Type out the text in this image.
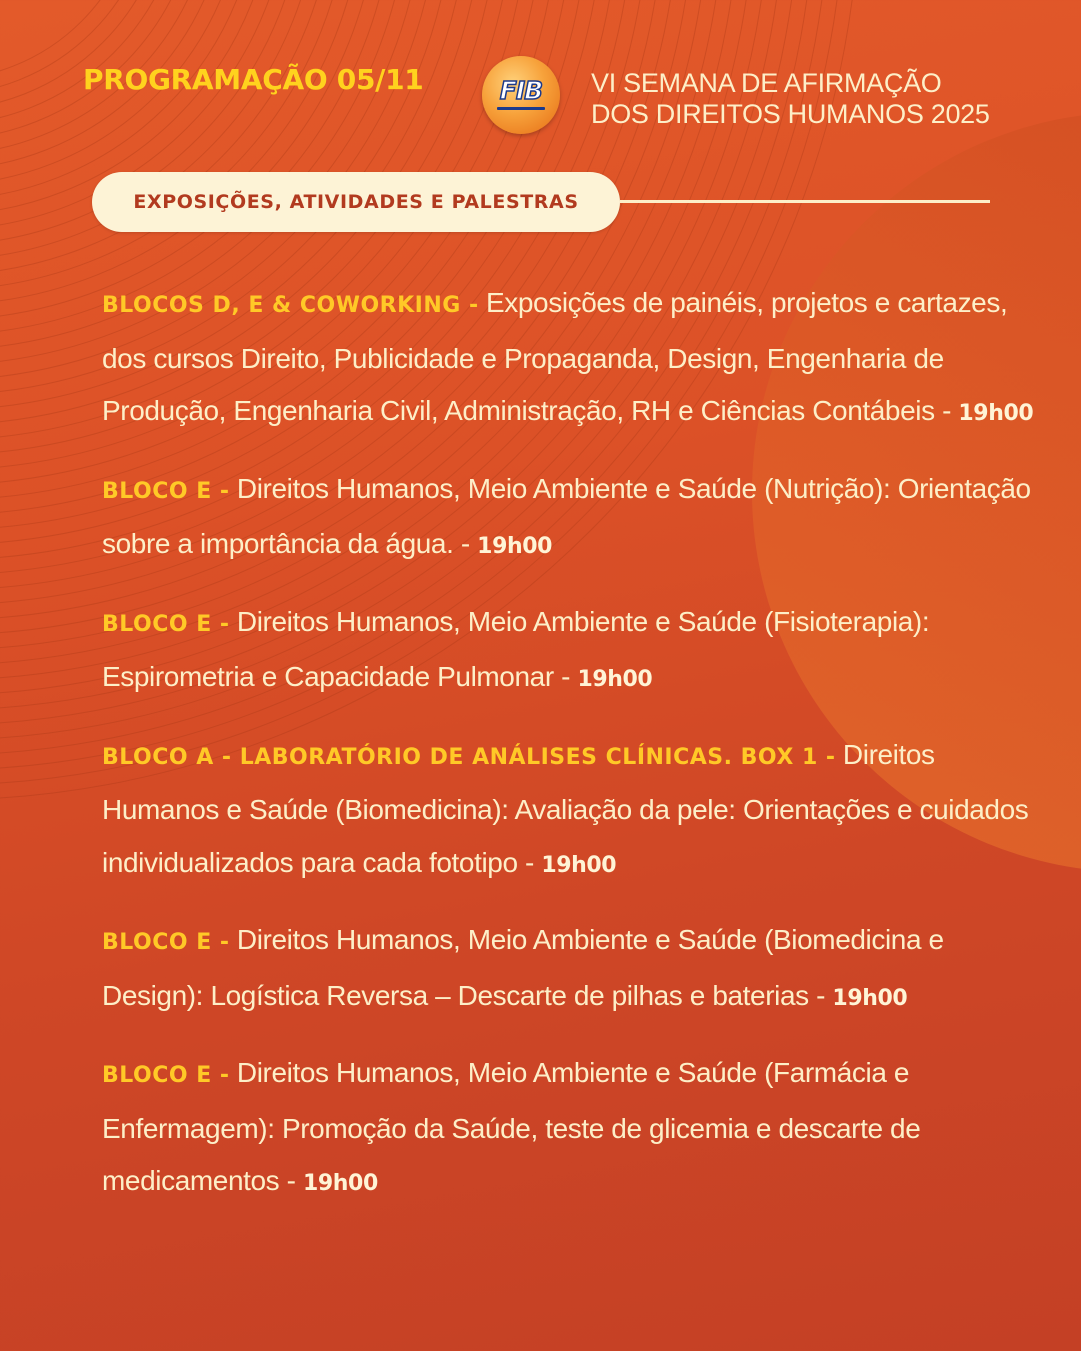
PROGRAMAÇÃO 05/11	FIB VI SEMANA DE AFIRMAÇÃO
DOS DIREITOS HUMANOS 2025
EXPOSIÇÕES, ATIVIDADES E PALESTRAS

BLOCOS D, E & COWORKING - Exposições de painéis, projetos e cartazes, dos cursos Direito, Publicidade e Propaganda, Design, Engenharia de Produção, Engenharia Civil, Administração, RH e Ciências Contábeis - 19h00

BLOCO E - Direitos Humanos, Meio Ambiente e Saúde (Nutrição): Orientação sobre a importância da água. - 19h00

BLOCO E - Direitos Humanos, Meio Ambiente e Saúde (Fisioterapia): Espirometria e Capacidade Pulmonar - 19h00

BLOCO A - LABORATÓRIO DE ANÁLISES CLÍNICAS. BOX 1 - Direitos Humanos e Saúde (Biomedicina): Avaliação da pele: Orientações e cuidados individualizados para cada fototipo - 19h00

BLOCO E - Direitos Humanos, Meio Ambiente e Saúde (Biomedicina e Design): Logística Reversa – Descarte de pilhas e baterias - 19h00

BLOCO E - Direitos Humanos, Meio Ambiente e Saúde (Farmácia e Enfermagem): Promoção da Saúde, teste de glicemia e descarte de medicamentos - 19h00
